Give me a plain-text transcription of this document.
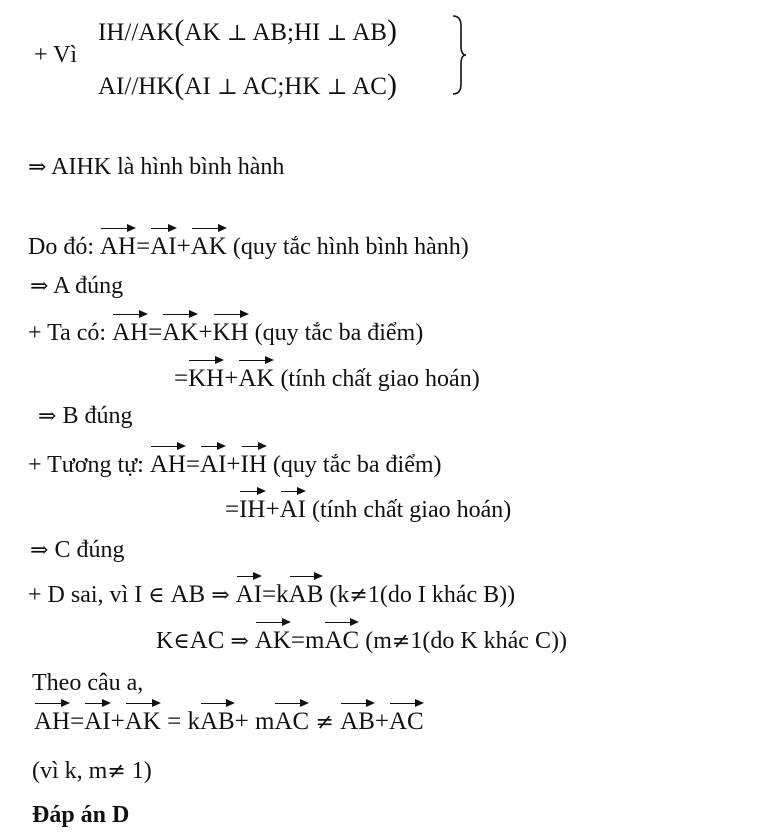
+ Vì
IH//AK(AK ⊥ AB;HI ⊥ AB)
AI//HK(AI ⊥ AC;HK ⊥ AC)
⇒ AIHK là hình bình hành
Do đó: AH=AI+AK (quy tắc hình bình hành)
⇒ A đúng
+ Ta có: AH=AK+KH (quy tắc ba điểm)
=KH+AK (tính chất giao hoán)
⇒ B đúng
+ Tương tự: AH=AI+IH (quy tắc ba điểm)
=IH+AI (tính chất giao hoán)
⇒ C đúng
+ D sai, vì I ∈ AB ⇒ AI=kAB (k≠1(do I khác B))
K∈AC ⇒ AK=mAC (m≠1(do K khác C))
Theo câu a,
AH=AI+AK = kAB+ mAC ≠ AB+AC
(vì k, m≠ 1)
Đáp án D
